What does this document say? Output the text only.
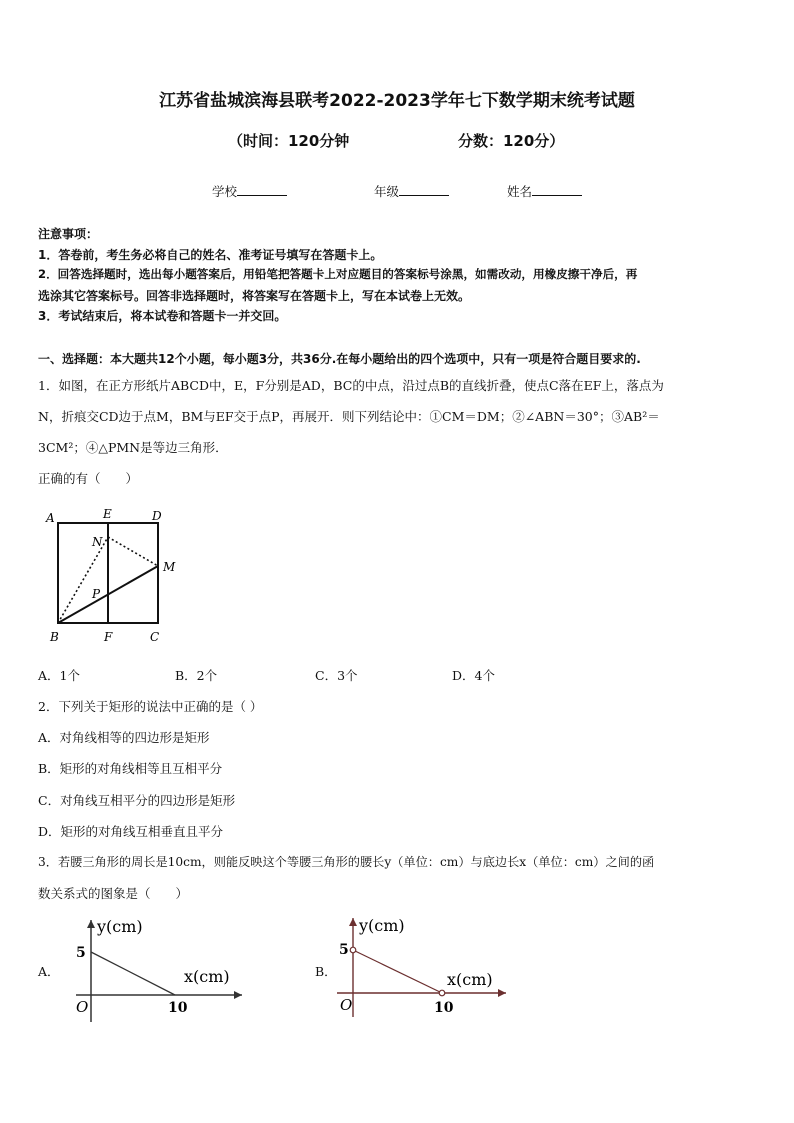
江苏省盐城滨海县联考2022-2023学年七下数学期末统考试题
（时间：120分钟	分数：120分）
学校	年级	姓名
注意事项：
1．答卷前，考生务必将自己的姓名、准考证号填写在答题卡上。
2．回答选择题时，选出每小题答案后，用铅笔把答题卡上对应题目的答案标号涂黑，如需改动，用橡皮擦干净后，再
选涂其它答案标号。回答非选择题时，将答案写在答题卡上，写在本试卷上无效。
3．考试结束后，将本试卷和答题卡一并交回。
一、选择题：本大题共12个小题，每小题3分，共36分.在每小题给出的四个选项中，只有一项是符合题目要求的.
1．如图，在正方形纸片ABCD中，E，F分别是AD，BC的中点，沿过点B的直线折叠，使点C落在EF上，落点为
N，折痕交CD边于点M，BM与EF交于点P，再展开．则下列结论中：①CM＝DM；②∠ABN＝30°；③AB²＝
3CM²；④△PMN是等边三角形．
正确的有（　　）
A	E	D
N
M
P
B	F	C
A．1个	B．2个	C．3个	D．4个
2．下列关于矩形的说法中正确的是（ ）
A．对角线相等的四边形是矩形
B．矩形的对角线相等且互相平分
C．对角线互相平分的四边形是矩形
D．矩形的对角线互相垂直且平分
3．若腰三角形的周长是10cm，则能反映这个等腰三角形的腰长y（单位：cm）与底边长x（单位：cm）之间的函
数关系式的图象是（　　）
A．
y(cm)
x(cm)
5
10
O
B．
y(cm)
x(cm)
5
10
O
